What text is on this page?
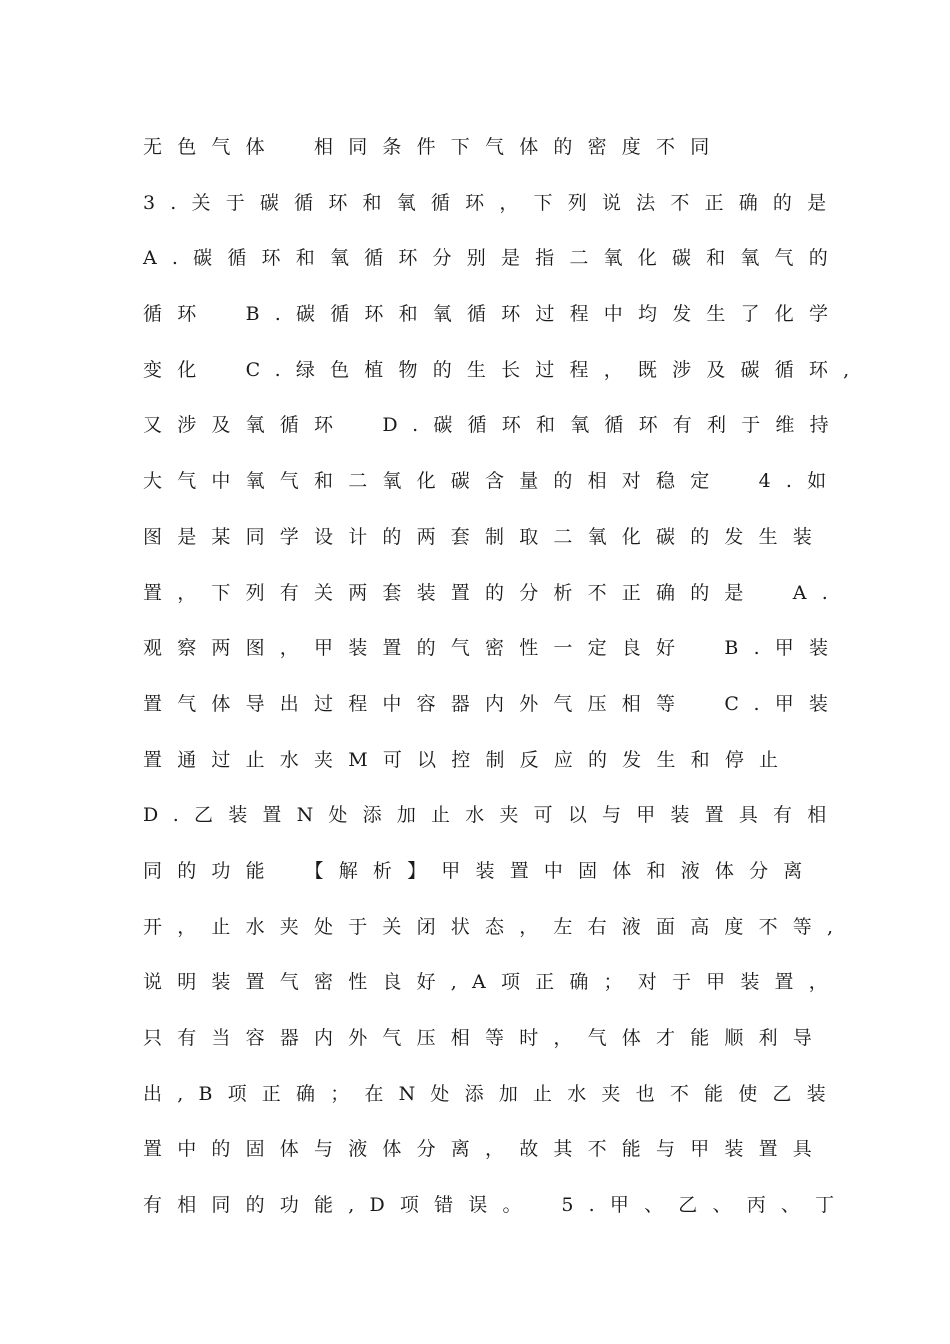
无色气体　相同条件下气体的密度不同
3.关于碳循环和氧循环，下列说法不正确的是
A.碳循环和氧循环分别是指二氧化碳和氧气的
循环　B.碳循环和氧循环过程中均发生了化学
变化　C.绿色植物的生长过程，既涉及碳循环,
又涉及氧循环　D.碳循环和氧循环有利于维持
大气中氧气和二氧化碳含量的相对稳定　4.如
图是某同学设计的两套制取二氧化碳的发生装
置，下列有关两套装置的分析不正确的是　A.
观察两图，甲装置的气密性一定良好　B.甲装
置气体导出过程中容器内外气压相等　C.甲装
置通过止水夹M可以控制反应的发生和停止
D.乙装置N处添加止水夹可以与甲装置具有相
同的功能　【解析】甲装置中固体和液体分离
开，止水夹处于关闭状态，左右液面高度不等,
说明装置气密性良好,A项正确；对于甲装置，
只有当容器内外气压相等时，气体才能顺利导
出,B项正确；在N处添加止水夹也不能使乙装
置中的固体与液体分离，故其不能与甲装置具
有相同的功能,D项错误。　5.甲、乙、丙、丁
